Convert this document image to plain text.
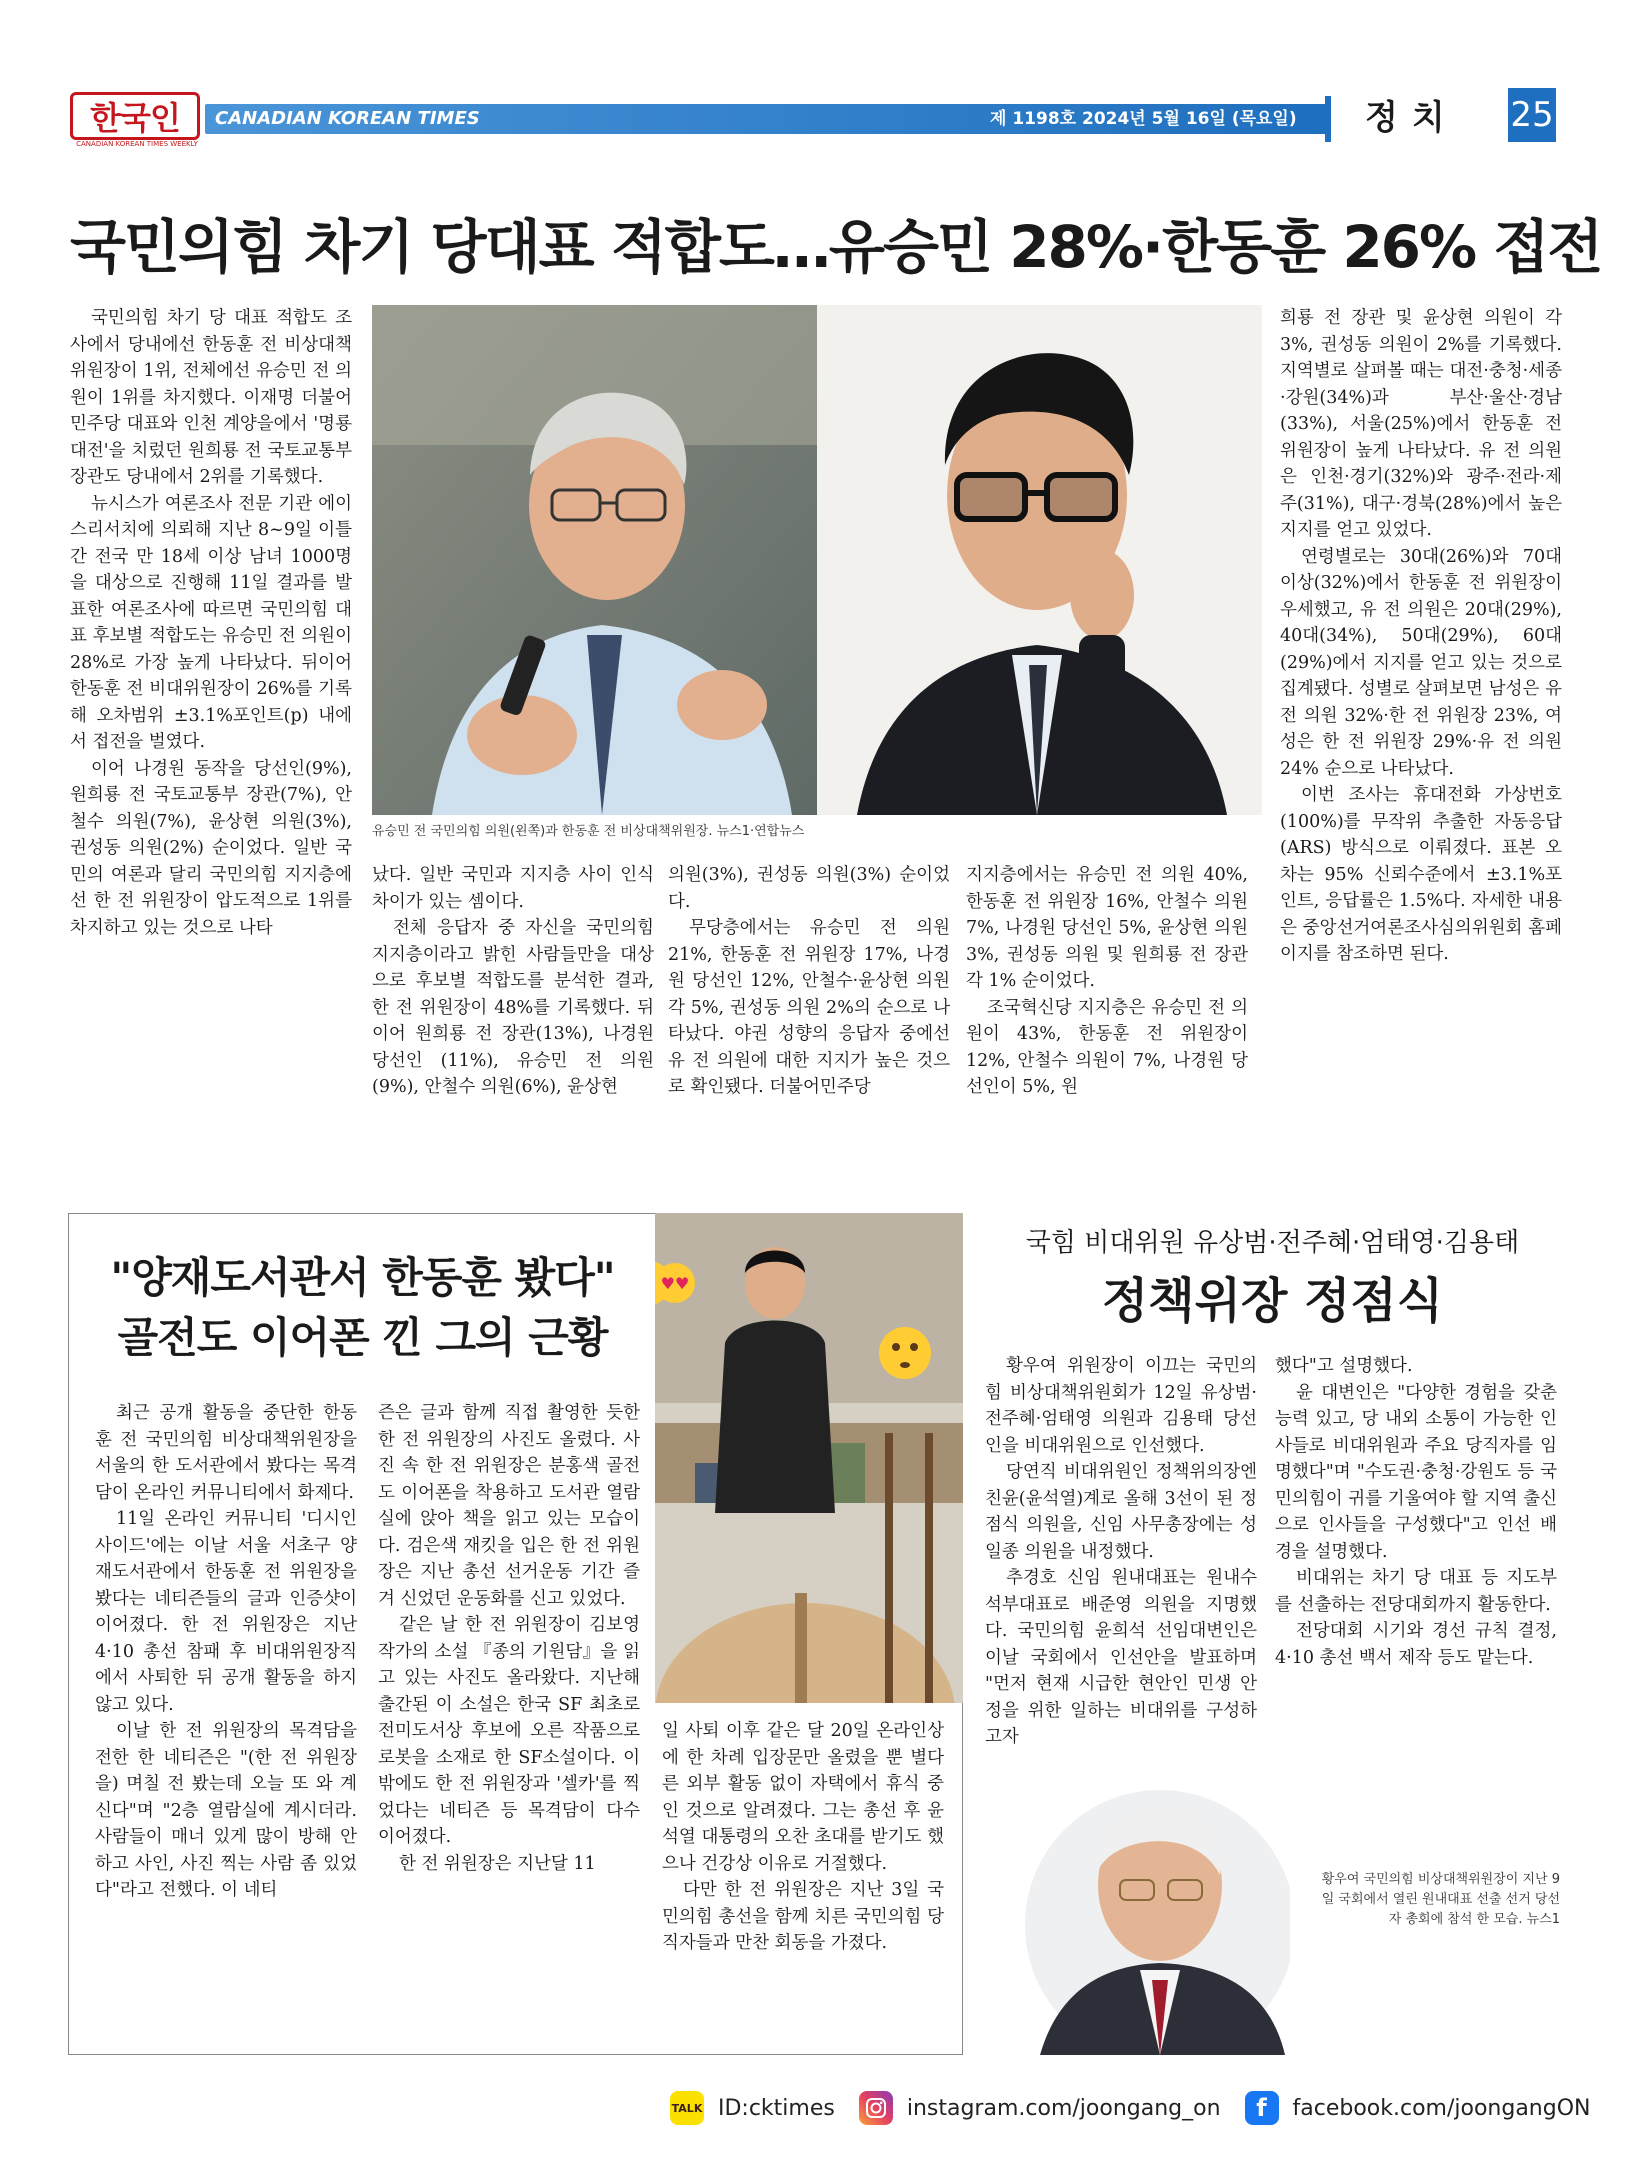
한국인
CANADIAN KOREAN TIMES WEEKLY
CANADIAN KOREAN TIMES	제 1198호 2024년 5월 16일 (목요일) 정치 25
국민의힘 차기 당대표 적합도…유승민 28%·한동훈 26% 접전

국민의힘 차기 당 대표 적합도 조사에서 당내에선 한동훈 전 비상대책위원장이 1위, 전체에선 유승민 전 의원이 1위를 차지했다. 이재명 더불어민주당 대표와 인천 계양을에서 '명룡대전'을 치렀던 원희룡 전 국토교통부 장관도 당내에서 2위를 기록했다.

뉴시스가 여론조사 전문 기관 에이스리서치에 의뢰해 지난 8~9일 이틀간 전국 만 18세 이상 남녀 1000명을 대상으로 진행해 11일 결과를 발표한 여론조사에 따르면 국민의힘 대표 후보별 적합도는 유승민 전 의원이 28%로 가장 높게 나타났다. 뒤이어 한동훈 전 비대위원장이 26%를 기록해 오차범위 ±3.1%포인트(p) 내에서 접전을 벌였다.

이어 나경원 동작을 당선인(9%), 원희룡 전 국토교통부 장관(7%), 안철수 의원(7%), 윤상현 의원(3%), 권성동 의원(2%) 순이었다. 일반 국민의 여론과 달리 국민의힘 지지층에선 한 전 위원장이 압도적으로 1위를 차지하고 있는 것으로 나타

유승민 전 국민의힘 의원(왼쪽)과 한동훈 전 비상대책위원장. 뉴스1·연합뉴스

났다. 일반 국민과 지지층 사이 인식 차이가 있는 셈이다.

전체 응답자 중 자신을 국민의힘 지지층이라고 밝힌 사람들만을 대상으로 후보별 적합도를 분석한 결과, 한 전 위원장이 48%를 기록했다. 뒤이어 원희룡 전 장관(13%), 나경원 당선인 (11%), 유승민 전 의원 (9%), 안철수 의원(6%), 윤상현

의원(3%), 권성동 의원(3%) 순이었다.

무당층에서는 유승민 전 의원 21%, 한동훈 전 위원장 17%, 나경원 당선인 12%, 안철수·윤상현 의원 각 5%, 권성동 의원 2%의 순으로 나타났다. 야권 성향의 응답자 중에선 유 전 의원에 대한 지지가 높은 것으로 확인됐다. 더불어민주당

지지층에서는 유승민 전 의원 40%, 한동훈 전 위원장 16%, 안철수 의원 7%, 나경원 당선인 5%, 윤상현 의원 3%, 권성동 의원 및 원희룡 전 장관 각 1% 순이었다.

조국혁신당 지지층은 유승민 전 의원이 43%, 한동훈 전 위원장이 12%, 안철수 의원이 7%, 나경원 당선인이 5%, 원

희룡 전 장관 및 윤상현 의원이 각 3%, 권성동 의원이 2%를 기록했다. 지역별로 살펴볼 때는 대전·충청·세종·강원(34%)과 부산·울산·경남(33%), 서울(25%)에서 한동훈 전 위원장이 높게 나타났다. 유 전 의원은 인천·경기(32%)와 광주·전라·제주(31%), 대구·경북(28%)에서 높은 지지를 얻고 있었다.

연령별로는 30대(26%)와 70대 이상(32%)에서 한동훈 전 위원장이 우세했고, 유 전 의원은 20대(29%), 40대(34%), 50대(29%), 60대(29%)에서 지지를 얻고 있는 것으로 집계됐다. 성별로 살펴보면 남성은 유 전 의원 32%·한 전 위원장 23%, 여성은 한 전 위원장 29%·유 전 의원 24% 순으로 나타났다.

이번 조사는 휴대전화 가상번호(100%)를 무작위 추출한 자동응답(ARS) 방식으로 이뤄졌다. 표본 오차는 95% 신뢰수준에서 ±3.1%포인트, 응답률은 1.5%다. 자세한 내용은 중앙선거여론조사심의위원회 홈페이지를 참조하면 된다.

"양재도서관서 한동훈 봤다"
골전도 이어폰 낀 그의 근황
♥♥

최근 공개 활동을 중단한 한동훈 전 국민의힘 비상대책위원장을 서울의 한 도서관에서 봤다는 목격담이 온라인 커뮤니티에서 화제다.

11일 온라인 커뮤니티 '디시인사이드'에는 이날 서울 서초구 양재도서관에서 한동훈 전 위원장을 봤다는 네티즌들의 글과 인증샷이 이어졌다. 한 전 위원장은 지난 4·10 총선 참패 후 비대위원장직에서 사퇴한 뒤 공개 활동을 하지 않고 있다.

이날 한 전 위원장의 목격담을 전한 한 네티즌은 "(한 전 위원장을) 며칠 전 봤는데 오늘 또 와 계신다"며 "2층 열람실에 계시더라. 사람들이 매너 있게 많이 방해 안 하고 사인, 사진 찍는 사람 좀 있었다"라고 전했다. 이 네티

즌은 글과 함께 직접 촬영한 듯한 한 전 위원장의 사진도 올렸다. 사진 속 한 전 위원장은 분홍색 골전도 이어폰을 착용하고 도서관 열람실에 앉아 책을 읽고 있는 모습이다. 검은색 재킷을 입은 한 전 위원장은 지난 총선 선거운동 기간 즐겨 신었던 운동화를 신고 있었다.

같은 날 한 전 위원장이 김보영 작가의 소설 『종의 기원담』을 읽고 있는 사진도 올라왔다. 지난해 출간된 이 소설은 한국 SF 최초로 전미도서상 후보에 오른 작품으로 로봇을 소재로 한 SF소설이다. 이 밖에도 한 전 위원장과 '셀카'를 찍었다는 네티즌 등 목격담이 다수 이어졌다.

한 전 위원장은 지난달 11

일 사퇴 이후 같은 달 20일 온라인상에 한 차례 입장문만 올렸을 뿐 별다른 외부 활동 없이 자택에서 휴식 중인 것으로 알려졌다. 그는 총선 후 윤석열 대통령의 오찬 초대를 받기도 했으나 건강상 이유로 거절했다.

다만 한 전 위원장은 지난 3일 국민의힘 총선을 함께 치른 국민의힘 당직자들과 만찬 회동을 가졌다.

국힘 비대위원 유상범·전주혜·엄태영·김용태
정책위장 정점식

황우여 위원장이 이끄는 국민의힘 비상대책위원회가 12일 유상범·전주혜·엄태영 의원과 김용태 당선인을 비대위원으로 인선했다.

당연직 비대위원인 정책위의장엔 친윤(윤석열)계로 올해 3선이 된 정점식 의원을, 신임 사무총장에는 성일종 의원을 내정했다.

추경호 신임 원내대표는 원내수석부대표로 배준영 의원을 지명했다. 국민의힘 윤희석 선임대변인은 이날 국회에서 인선안을 발표하며 "먼저 현재 시급한 현안인 민생 안정을 위한 일하는 비대위를 구성하고자

했다"고 설명했다.

윤 대변인은 "다양한 경험을 갖춘 능력 있고, 당 내외 소통이 가능한 인사들로 비대위원과 주요 당직자를 임명했다"며 "수도권·충청·강원도 등 국민의힘이 귀를 기울여야 할 지역 출신으로 인사들을 구성했다"고 인선 배경을 설명했다.

비대위는 차기 당 대표 등 지도부를 선출하는 전당대회까지 활동한다.

전당대회 시기와 경선 규칙 결정, 4·10 총선 백서 제작 등도 맡는다.

황우여 국민의힘 비상대책위원장이 지난 9일 국회에서 열린 원내대표 선출 선거 당선자 총회에 참석 한 모습. 뉴스1
TALK ID:cktimes	instagram.com/joongang_on	f	facebook.com/joongangON
